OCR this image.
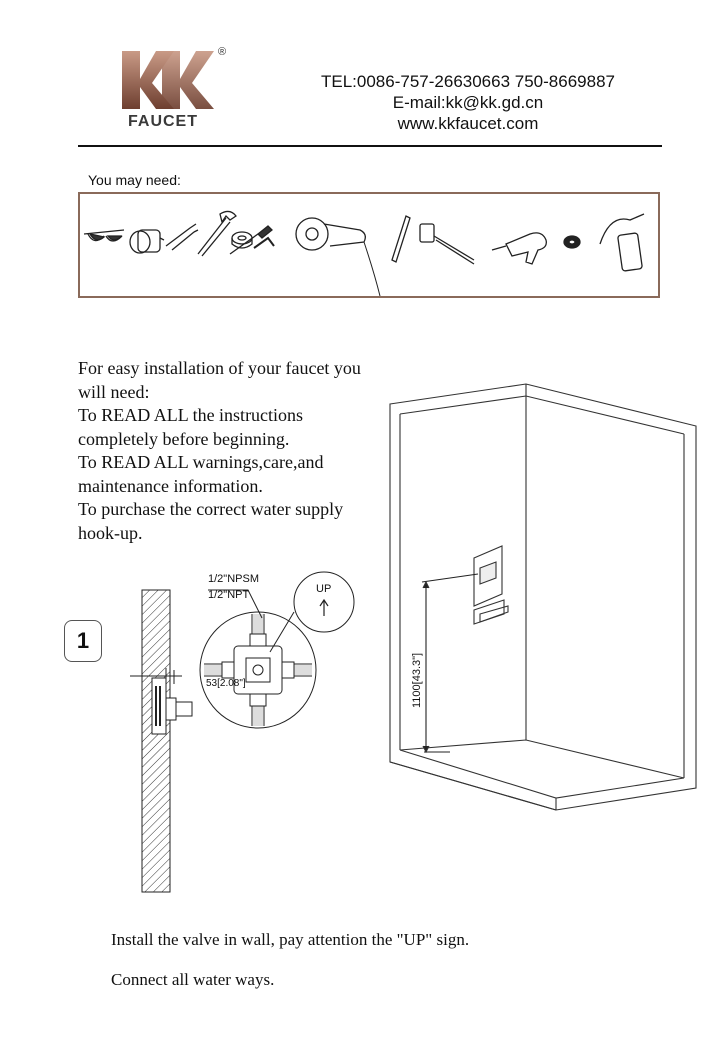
FAUCET
®
TEL:0086-757-26630663 750-8669887
E-mail:kk@kk.gd.cn
www.kkfaucet.com
You may need:

For easy installation of your faucet you

will need:

To READ ALL the instructions

completely before beginning.

To READ ALL warnings,care,and

maintenance information.

To purchase the correct water supply

hook-up.

1
UP
1/2"NPSM
1/2"NPT
53[2.08"]	1100[43.3"]
Install the valve in wall, pay attention the "UP" sign.
Connect all water ways.
